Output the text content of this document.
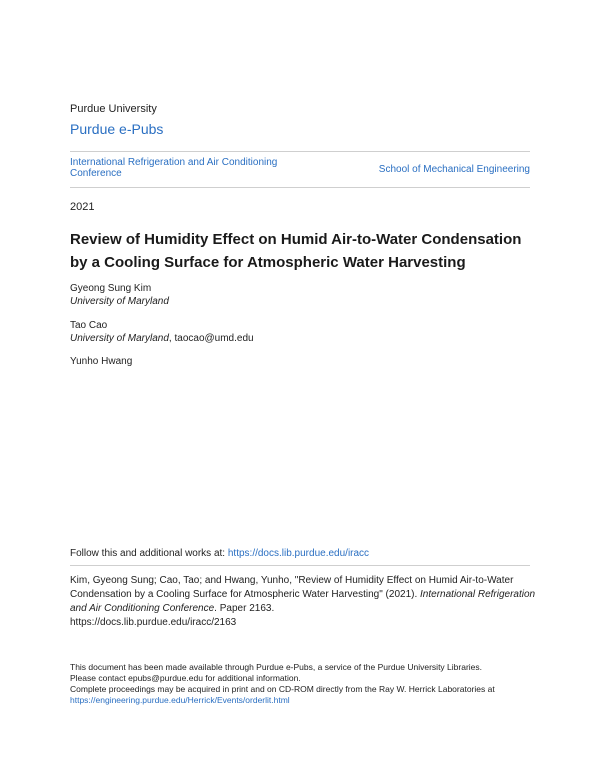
Purdue University
Purdue e-Pubs
International Refrigeration and Air Conditioning Conference	School of Mechanical Engineering
2021
Review of Humidity Effect on Humid Air-to-Water Condensation by a Cooling Surface for Atmospheric Water Harvesting
Gyeong Sung Kim
University of Maryland
Tao Cao
University of Maryland, taocao@umd.edu
Yunho Hwang
Follow this and additional works at: https://docs.lib.purdue.edu/iracc
Kim, Gyeong Sung; Cao, Tao; and Hwang, Yunho, "Review of Humidity Effect on Humid Air-to-Water Condensation by a Cooling Surface for Atmospheric Water Harvesting" (2021). International Refrigeration and Air Conditioning Conference. Paper 2163.
https://docs.lib.purdue.edu/iracc/2163
This document has been made available through Purdue e-Pubs, a service of the Purdue University Libraries.
Please contact epubs@purdue.edu for additional information.
Complete proceedings may be acquired in print and on CD-ROM directly from the Ray W. Herrick Laboratories at
https://engineering.purdue.edu/Herrick/Events/orderlit.html
